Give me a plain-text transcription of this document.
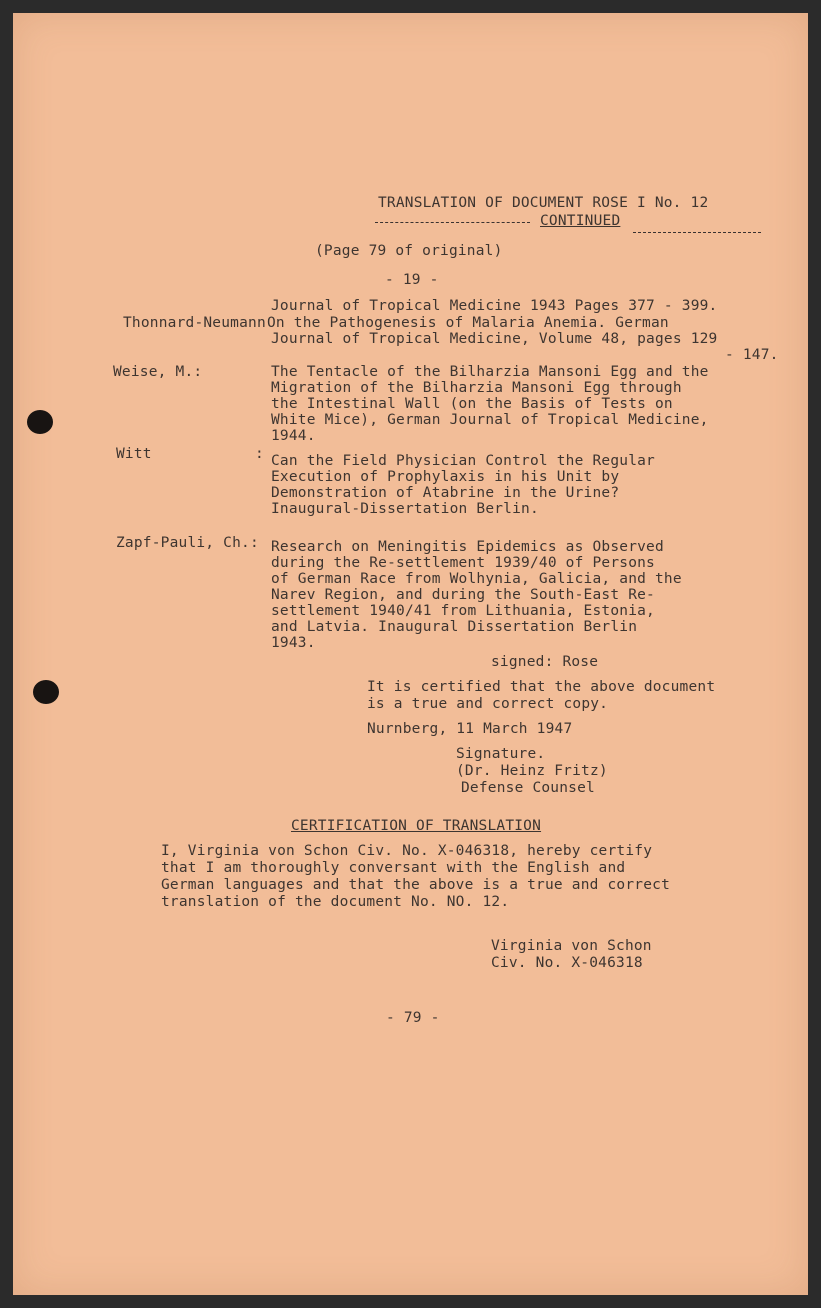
TRANSLATION OF DOCUMENT ROSE I No. 12
CONTINUED
(Page 79 of original)
- 19 -
Journal of Tropical Medicine 1943 Pages 377 - 399.
Thonnard-Neumann On the Pathogenesis of Malaria Anemia. German
Journal of Tropical Medicine, Volume 48, pages 129
- 147.
Weise, M.:	The Tentacle of the Bilharzia Mansoni Egg and the
Migration of the Bilharzia Mansoni Egg through
the Intestinal Wall (on the Basis of Tests on
White Mice), German Journal of Tropical Medicine,
1944.
Witt	: Can the Field Physician Control the Regular
Execution of Prophylaxis in his Unit by
Demonstration of Atabrine in the Urine?
Inaugural-Dissertation Berlin.
Zapf-Pauli, Ch.: Research on Meningitis Epidemics as Observed
during the Re-settlement 1939/40 of Persons
of German Race from Wolhynia, Galicia, and the
Narev Region, and during the South-East Re-
settlement 1940/41 from Lithuania, Estonia,
and Latvia. Inaugural Dissertation Berlin
1943.
signed: Rose
It is certified that the above document
is a true and correct copy.
Nurnberg, 11 March 1947
Signature.
(Dr. Heinz Fritz)
Defense Counsel
CERTIFICATION OF TRANSLATION
I, Virginia von Schon Civ. No. X-046318, hereby certify
that I am thoroughly conversant with the English and
German languages and that the above is a true and correct
translation of the document No. NO. 12.
Virginia von Schon
Civ. No. X-046318
- 79 -
